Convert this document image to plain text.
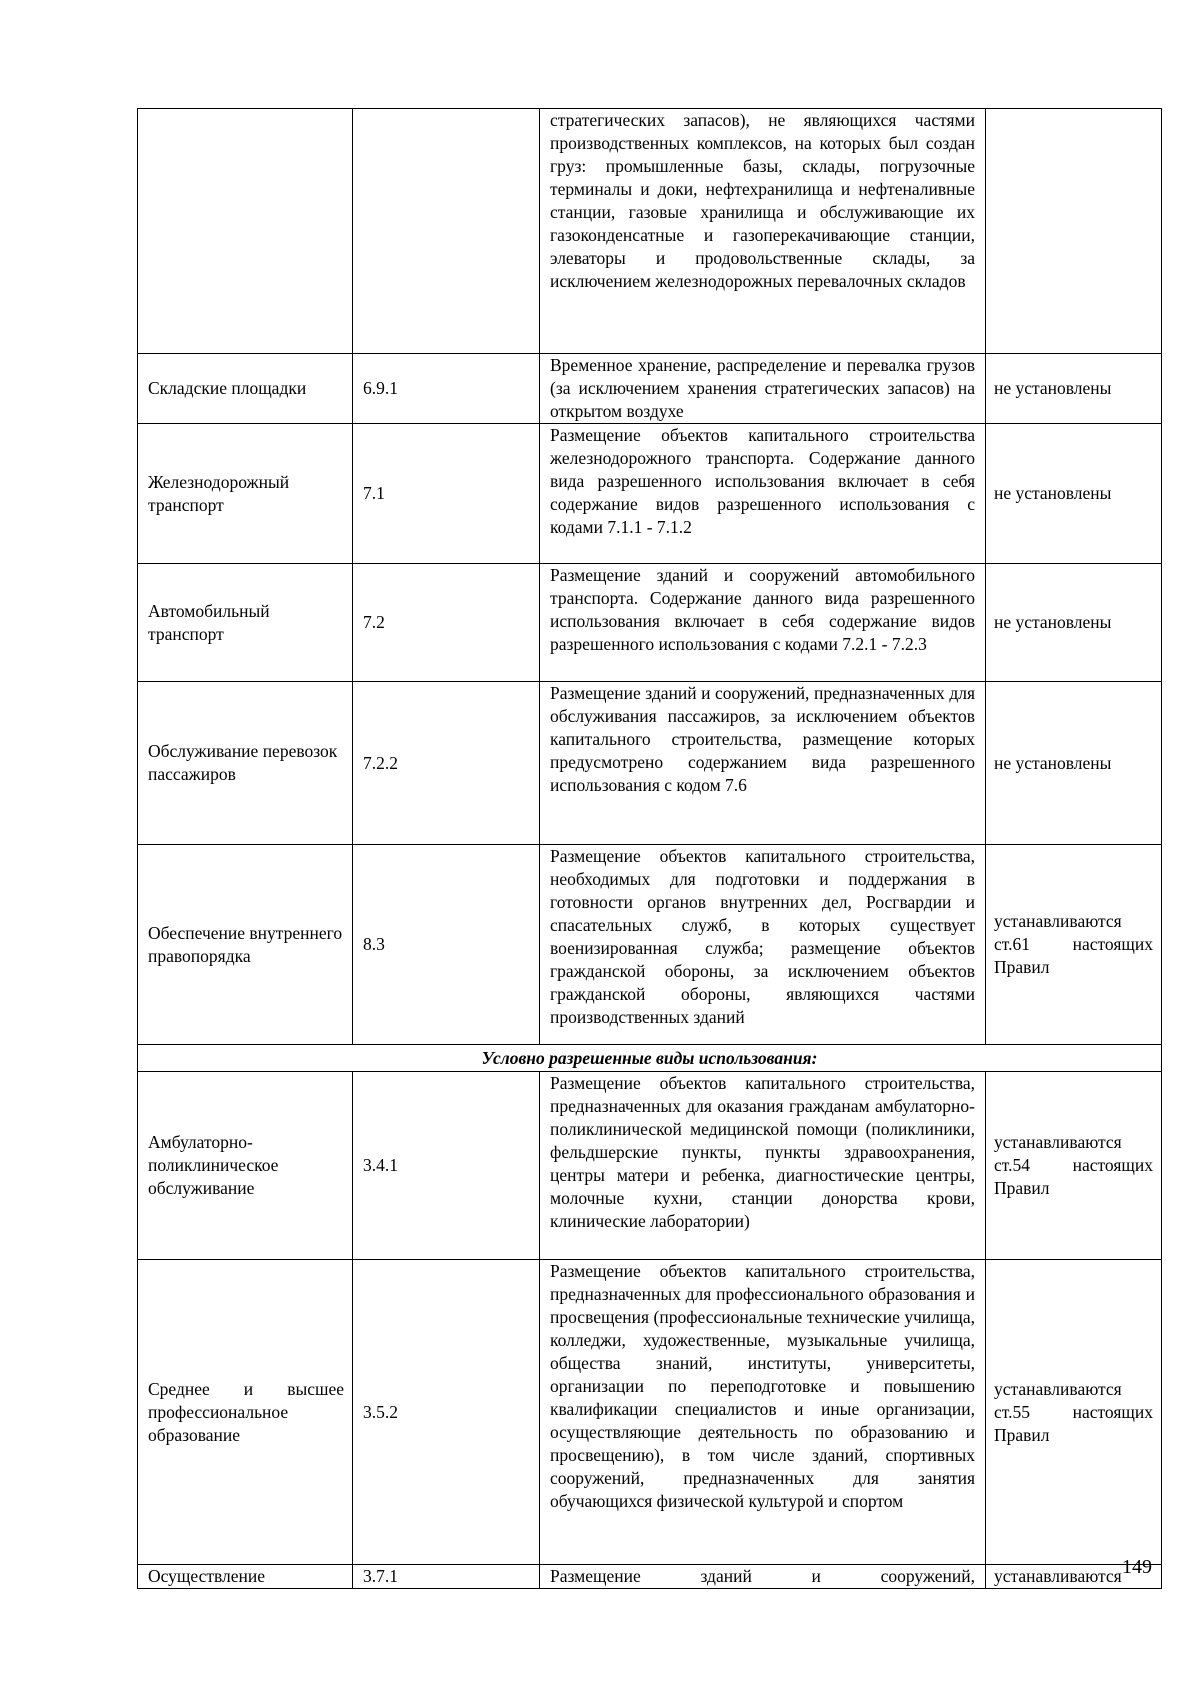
		стратегических запасов), не являющихся частями производственных комплексов, на которых был создан груз: промышленные базы, склады, погрузочные терминалы и доки, нефтехранилища и нефтеналивные станции, газовые хранилища и обслуживающие их газоконденсатные и газоперекачивающие станции, элеваторы и продовольственные склады, за исключением железнодорожных перевалочных складов	
Складские площадки	6.9.1	Временное хранение, распределение и перевалка грузов (за исключением хранения стратегических запасов) на открытом воздухе	не установлены
Железнодорожный транспорт	7.1	Размещение объектов капитального строительства железнодорожного транспорта. Содержание данного вида разрешенного использования включает в себя содержание видов разрешенного использования с кодами 7.1.1 - 7.1.2	не установлены
Автомобильный транспорт	7.2	Размещение зданий и сооружений автомобильного транспорта. Содержание данного вида разрешенного использования включает в себя содержание видов разрешенного использования с кодами 7.2.1 - 7.2.3	не установлены
Обслуживание перевозок пассажиров	7.2.2	Размещение зданий и сооружений, предназначенных для обслуживания пассажиров, за исключением объектов капитального строительства, размещение которых предусмотрено содержанием вида разрешенного использования с кодом 7.6	не установлены
Обеспечение внутреннего правопорядка	8.3	Размещение объектов капитального строительства, необходимых для подготовки и поддержания в готовности органов внутренних дел, Росгвардии и спасательных служб, в которых существует военизированная служба; размещение объектов гражданской обороны, за исключением объектов гражданской обороны, являющихся частями производственных зданий	устанавливаются ст.61 настоящих Правил
Условно разрешенные виды использования:			
Амбулаторно-поликлиническое обслуживание	3.4.1	Размещение объектов капитального строительства, предназначенных для оказания гражданам амбулаторно-поликлинической медицинской помощи (поликлиники, фельдшерские пункты, пункты здравоохранения, центры матери и ребенка, диагностические центры, молочные кухни, станции донорства крови, клинические лаборатории)	устанавливаются ст.54 настоящих Правил
Среднее и высшее профессиональное образование	3.5.2	Размещение объектов капитального строительства, предназначенных для профессионального образования и просвещения (профессиональные технические училища, колледжи, художественные, музыкальные училища, общества знаний, институты, университеты, организации по переподготовке и повышению квалификации специалистов и иные организации, осуществляющие деятельность по образованию и просвещению), в том числе зданий, спортивных сооружений, предназначенных для занятия обучающихся физической культурой и спортом	устанавливаются ст.55 настоящих Правил
Осуществление	3.7.1	Размещение зданий и сооружений,	устанавливаются 149
